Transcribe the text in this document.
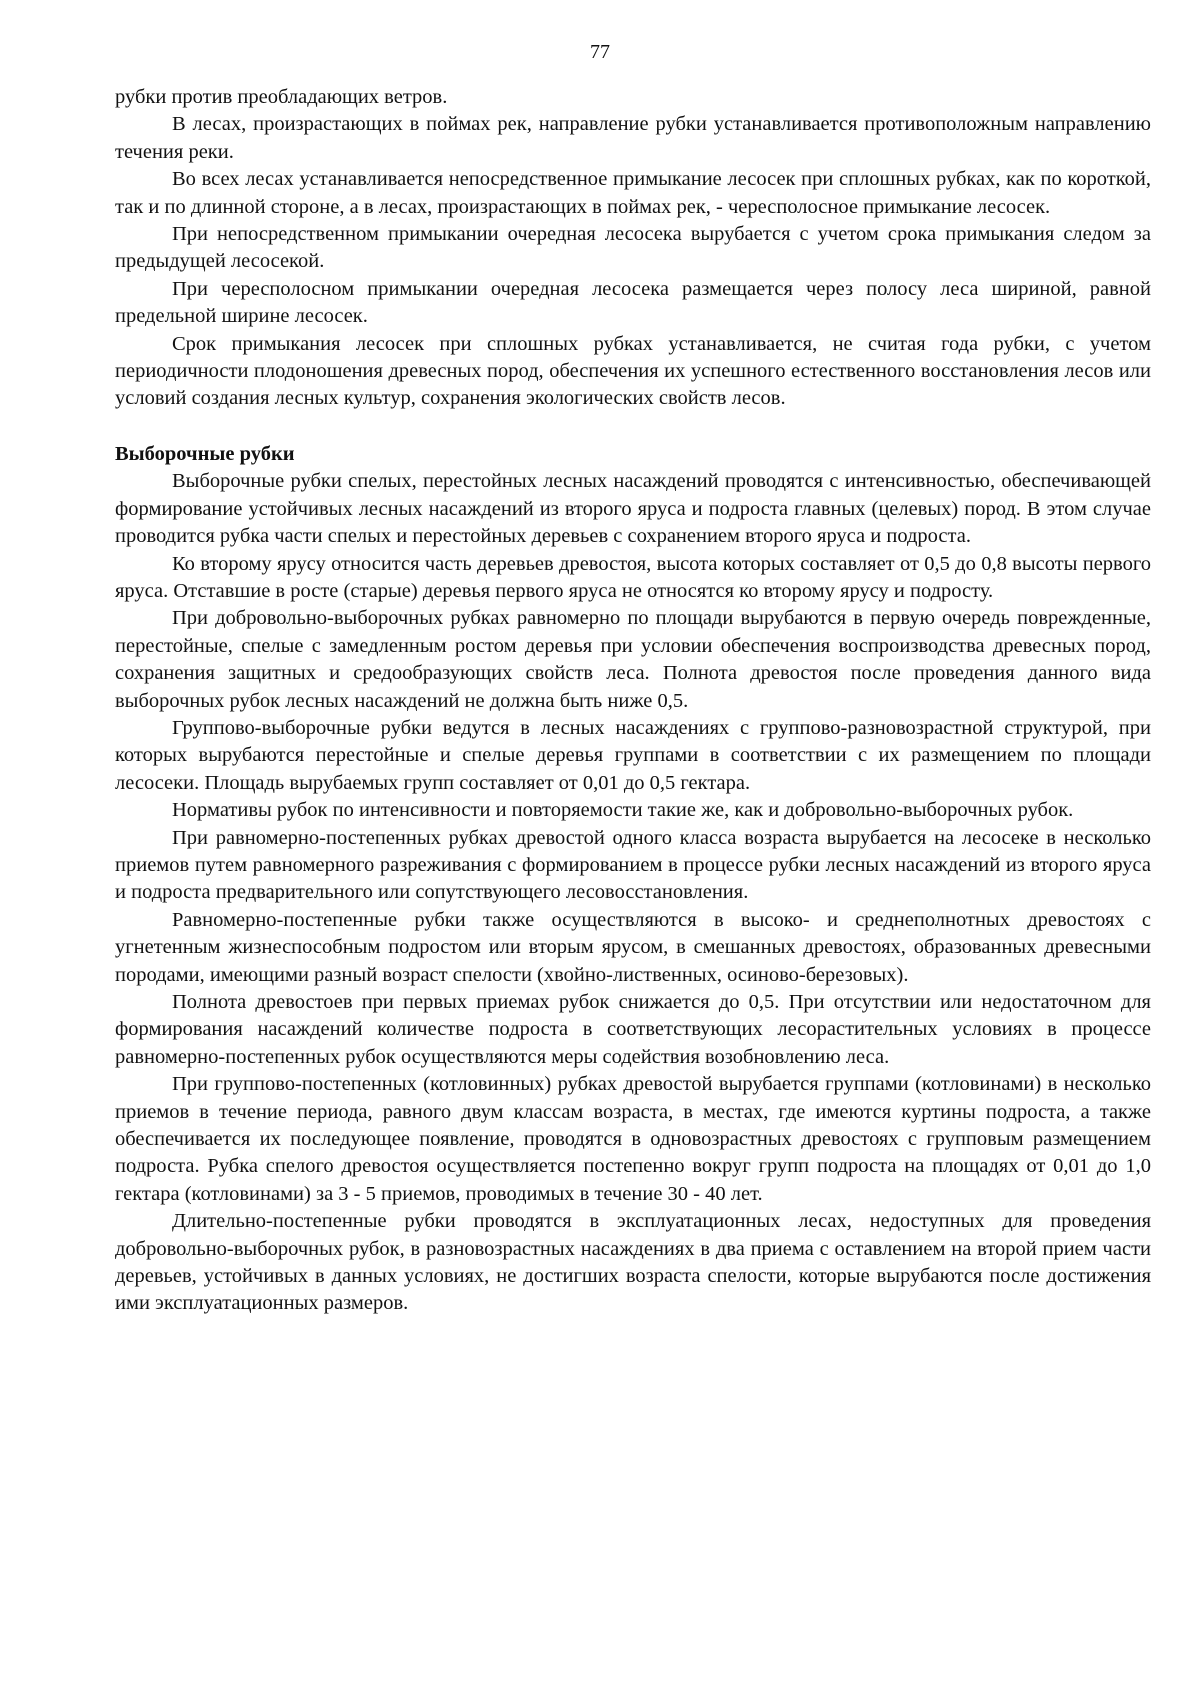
77

рубки против преобладающих ветров.

В лесах, произрастающих в поймах рек, направление рубки устанавливается противоположным направлению течения реки.

Во всех лесах устанавливается непосредственное примыкание лесосек при сплошных рубках, как по короткой, так и по длинной стороне, а в лесах, произрастающих в поймах рек, - чересполосное примыкание лесосек.

При непосредственном примыкании очередная лесосека вырубается с учетом срока примыкания следом за предыдущей лесосекой.

При чересполосном примыкании очередная лесосека размещается через полосу леса шириной, равной предельной ширине лесосек.

Срок примыкания лесосек при сплошных рубках устанавливается, не считая года рубки, с учетом периодичности плодоношения древесных пород, обеспечения их успешного естественного восстановления лесов или условий создания лесных культур, сохранения экологических свойств лесов.

Выборочные рубки

Выборочные рубки спелых, перестойных лесных насаждений проводятся с интенсивностью, обеспечивающей формирование устойчивых лесных насаждений из второго яруса и подроста главных (целевых) пород. В этом случае проводится рубка части спелых и перестойных деревьев с сохранением второго яруса и подроста.

Ко второму ярусу относится часть деревьев древостоя, высота которых составляет от 0,5 до 0,8 высоты первого яруса. Отставшие в росте (старые) деревья первого яруса не относятся ко второму ярусу и подросту.

При добровольно-выборочных рубках равномерно по площади вырубаются в первую очередь поврежденные, перестойные, спелые с замедленным ростом деревья при условии обеспечения воспроизводства древесных пород, сохранения защитных и средообразующих свойств леса. Полнота древостоя после проведения данного вида выборочных рубок лесных насаждений не должна быть ниже 0,5.

Группово-выборочные рубки ведутся в лесных насаждениях с группово-разновозрастной структурой, при которых вырубаются перестойные и спелые деревья группами в соответствии с их размещением по площади лесосеки. Площадь вырубаемых групп составляет от 0,01 до 0,5 гектара.

Нормативы рубок по интенсивности и повторяемости такие же, как и добровольно-выборочных рубок.

При равномерно-постепенных рубках древостой одного класса возраста вырубается на лесосеке в несколько приемов путем равномерного разреживания с формированием в процессе рубки лесных насаждений из второго яруса и подроста предварительного или сопутствующего лесовосстановления.

Равномерно-постепенные рубки также осуществляются в высоко- и среднеполнотных древостоях с угнетенным жизнеспособным подростом или вторым ярусом, в смешанных древостоях, образованных древесными породами, имеющими разный возраст спелости (хвойно-лиственных, осиново-березовых).

Полнота древостоев при первых приемах рубок снижается до 0,5. При отсутствии или недостаточном для формирования насаждений количестве подроста в соответствующих лесорастительных условиях в процессе равномерно-постепенных рубок осуществляются меры содействия возобновлению леса.

При группово-постепенных (котловинных) рубках древостой вырубается группами (котловинами) в несколько приемов в течение периода, равного двум классам возраста, в местах, где имеются куртины подроста, а также обеспечивается их последующее появление, проводятся в одновозрастных древостоях с групповым размещением подроста. Рубка спелого древостоя осуществляется постепенно вокруг групп подроста на площадях от 0,01 до 1,0 гектара (котловинами) за 3 - 5 приемов, проводимых в течение 30 - 40 лет.

Длительно-постепенные рубки проводятся в эксплуатационных лесах, недоступных для проведения добровольно-выборочных рубок, в разновозрастных насаждениях в два приема с оставлением на второй прием части деревьев, устойчивых в данных условиях, не достигших возраста спелости, которые вырубаются после достижения ими эксплуатационных размеров.
